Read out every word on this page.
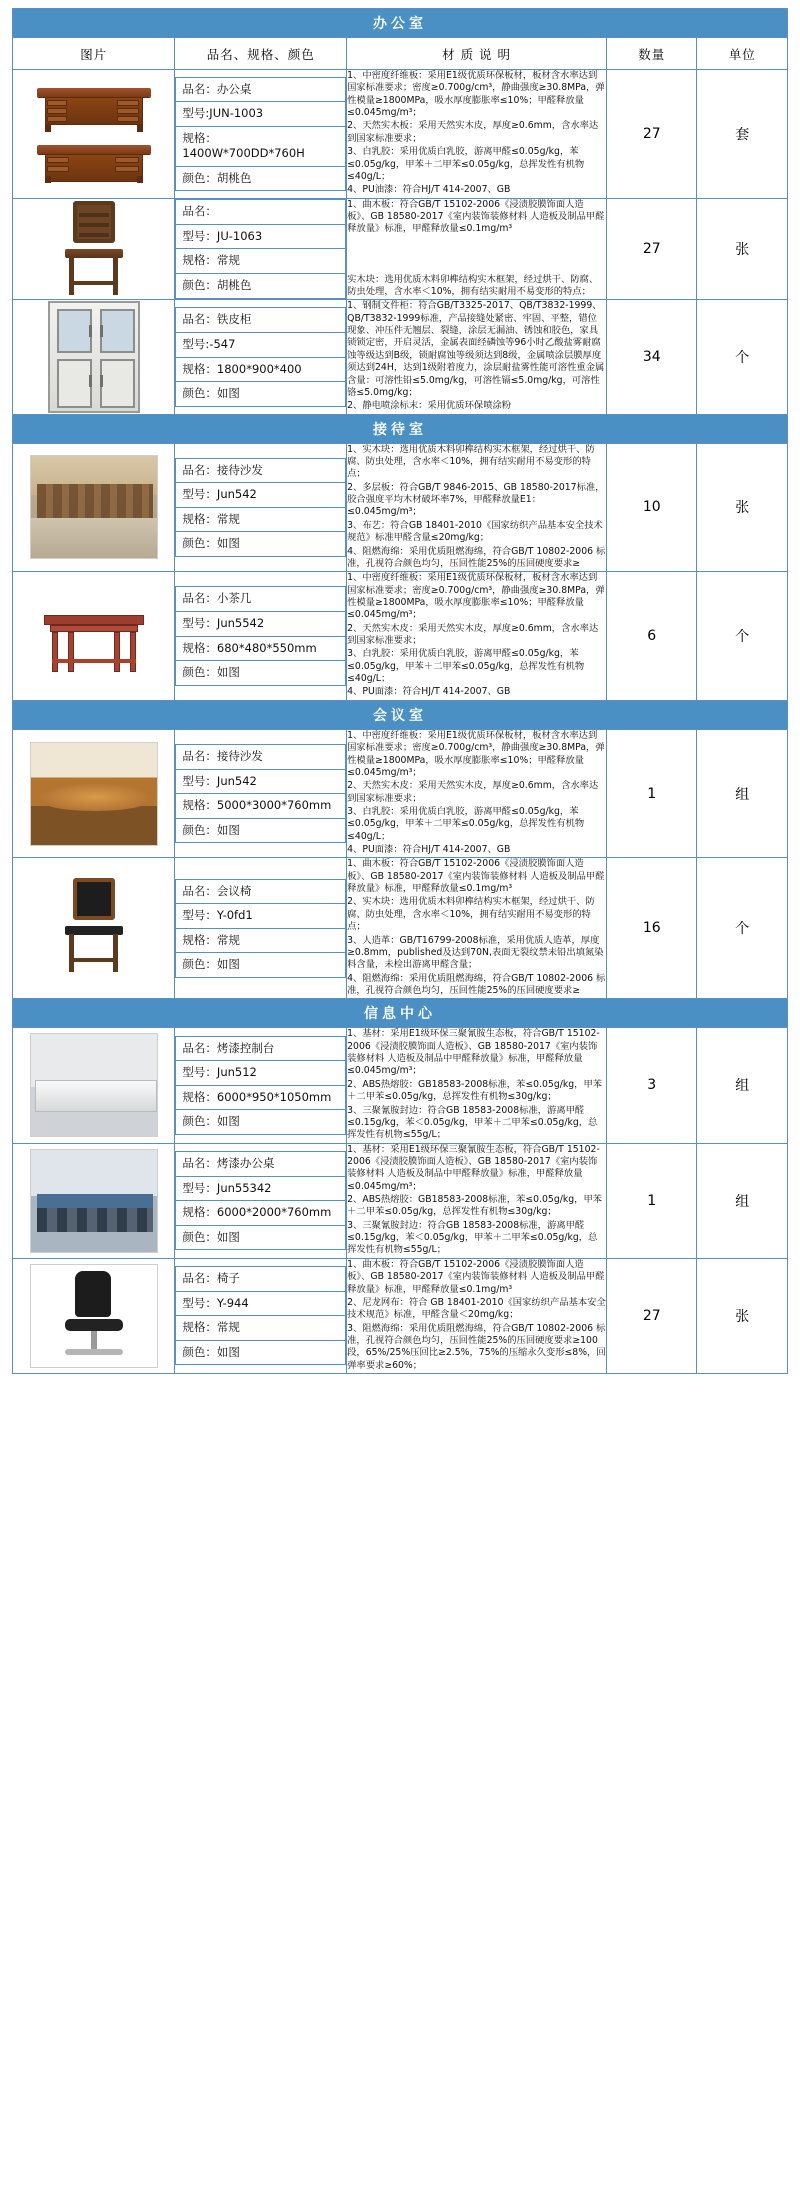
办公室
图片	品名、规格、颜色	材 质 说 明	数量	单位

品名：办公桌
型号:JUN-1003
规格：1400W*700DD*760H
颜色：胡桃色

1、中密度纤维板：采用E1级优质环保板材，板材含水率达到国家标准要求；密度≥0.700g/cm³，静曲强度≥30.8MPa，弹性模量≥1800MPa，吸水厚度膨胀率≤10%；甲醛释放量≤0.045mg/m³；

2、天然实木板：采用天然实木皮，厚度≥0.6mm，含水率达到国家标准要求；

3、白乳胶：采用优质白乳胶，游离甲醛≤0.05g/kg，苯≤0.05g/kg，甲苯＋二甲苯≤0.05g/kg，总挥发性有机物≤40g/L；

4、PU油漆：符合HJ/T 414-2007、GB

	27	套

品名：
型号：JU-1063
规格：常规
颜色：胡桃色

1、曲木板：符合GB/T 15102-2006《浸渍胶膜饰面人造板》、GB 18580-2017《室内装饰装修材料 人造板及制品甲醛释放量》标准，甲醛释放量≤0.1mg/m³

实木块：选用优质木料卯榫结构实木框架，经过烘干、防腐、防虫处理，含水率＜10%，拥有结实耐用不易变形的特点；

	27	张

品名：铁皮柜
型号:-547
规格：1800*900*400
颜色：如图

1、钢制文件柜：符合GB/T3325-2017、QB/T3832-1999、QB/T3832-1999标准，产品接缝处紧密、牢固、平整，错位现象、冲压件无翘层、裂缝，涂层无漏油、锈蚀和胶色，家具锁锁定密，开启灵活，金属表面经磷蚀等96小时乙酸盐雾耐腐蚀等级达到B级，锁耐腐蚀等级须达到8级，金属喷涂层膜厚度须达到24H，达到1级附着度力，涂层耐盐雾性能可溶性重金属含量：可溶性铅≤5.0mg/kg，可溶性镉≤5.0mg/kg，可溶性铬≤5.0mg/kg；

2、静电喷涂标末：采用优质环保喷涂粉

	34	个
接待室

品名：接待沙发
型号：Jun542
规格：常规
颜色：如图

1、实木块：选用优质木料卯榫结构实木框架，经过烘干、防腐、防虫处理，含水率＜10%，拥有结实耐用不易变形的特点；

2、多层板：符合GB/T 9846-2015、GB 18580-2017标准，胶合强度平均木材破坏率7%，甲醛释放量E1：≤0.045mg/m³；

3、布艺：符合GB 18401-2010《国家纺织产品基本安全技术规范》标准甲醛含量≤20mg/kg；

4、阻燃海绵：采用优质阻燃海绵，符合GB/T 10802-2006 标准，孔视符合颜色均匀，压回性能25%的压回硬度要求≥

	10	张

品名：小茶几
型号：Jun5542
规格：680*480*550mm
颜色：如图

1、中密度纤维板：采用E1级优质环保板材，板材含水率达到国家标准要求；密度≥0.700g/cm³，静曲强度≥30.8MPa，弹性模量≥1800MPa，吸水厚度膨胀率≤10%；甲醛释放量≤0.045mg/m³；

2、天然实木皮：采用天然实木皮，厚度≥0.6mm，含水率达到国家标准要求；

3、白乳胶：采用优质白乳胶，游离甲醛≤0.05g/kg，苯≤0.05g/kg，甲苯＋二甲苯≤0.05g/kg，总挥发性有机物≤40g/L；

4、PU面漆：符合HJ/T 414-2007、GB

	6	个
会议室

品名：接待沙发
型号：Jun542
规格：5000*3000*760mm
颜色：如图

1、中密度纤维板：采用E1级优质环保板材，板材含水率达到国家标准要求；密度≥0.700g/cm³，静曲强度≥30.8MPa，弹性模量≥1800MPa，吸水厚度膨胀率≤10%；甲醛释放量≤0.045mg/m³；

2、天然实木皮：采用天然实木皮，厚度≥0.6mm，含水率达到国家标准要求；

3、白乳胶：采用优质白乳胶，游离甲醛≤0.05g/kg，苯≤0.05g/kg，甲苯＋二甲苯≤0.05g/kg，总挥发性有机物≤40g/L；

4、PU面漆：符合HJ/T 414-2007、GB

	1	组

品名：会议椅
型号：Y-0fd1
规格：常规
颜色：如图

1、曲木板：符合GB/T 15102-2006《浸渍胶膜饰面人造板》、GB 18580-2017《室内装饰装修材料 人造板及制品甲醛释放量》标准，甲醛释放量≤0.1mg/m³

2、实木块：选用优质木料卯榫结构实木框架，经过烘干、防腐、防虫处理，含水率＜10%，拥有结实耐用不易变形的特点；

3、人造革：GB/T16799-2008标准，采用优质人造革，厚度≥0.8mm，published及达到70N,表面无裂纹禁未铅出填氮染料含量，未检出游离甲醛含量；

4、阻燃海绵：采用优质阻燃海绵，符合GB/T 10802-2006 标准，孔视符合颜色均匀，压回性能25%的压回硬度要求≥

	16	个
信息中心

品名：烤漆控制台
型号：Jun512
规格：6000*950*1050mm
颜色：如图

1、基材：采用E1级环保三聚氰胺生态板，符合GB/T 15102-2006《浸渍胶膜饰面人造板》、GB 18580-2017《室内装饰装修材料 人造板及制品中甲醛释放量》标准，甲醛释放量≤0.045mg/m³；

2、ABS热熔胶：GB18583-2008标准，苯≤0.05g/kg，甲苯＋二甲苯≤0.05g/kg，总挥发性有机物≤30g/kg；

3、三聚氰胺封边：符合GB 18583-2008标准，游离甲醛≤0.15g/kg，苯＜0.05g/kg，甲苯＋二甲苯≤0.05g/kg，总挥发性有机物≤55g/L；

	3	组

品名：烤漆办公桌
型号：Jun55342
规格：6000*2000*760mm
颜色：如图

1、基材：采用E1级环保三聚氰胺生态板，符合GB/T 15102-2006《浸渍胶膜饰面人造板》、GB 18580-2017《室内装饰装修材料 人造板及制品中甲醛释放量》标准，甲醛释放量≤0.045mg/m³；

2、ABS热熔胶：GB18583-2008标准，苯≤0.05g/kg，甲苯＋二甲苯≤0.05g/kg，总挥发性有机物≤30g/kg；

3、三聚氰胺封边：符合GB 18583-2008标准，游离甲醛≤0.15g/kg，苯＜0.05g/kg，甲苯＋二甲苯≤0.05g/kg，总挥发性有机物≤55g/L；

	1	组

品名：椅子
型号：Y-944
规格：常规
颜色：如图

1、曲木板：符合GB/T 15102-2006《浸渍胶膜饰面人造板》、GB 18580-2017《室内装饰装修材料 人造板及制品甲醛释放量》标准，甲醛释放量≤0.1mg/m³

2、尼龙网布：符合 GB 18401-2010《国家纺织产品基本安全技术规范》标准，甲醛含量＜20mg/kg；

3、阻燃海绵：采用优质阻燃海绵，符合GB/T 10802-2006 标准，孔视符合颜色均匀，压回性能25%的压回硬度要求≥100段，65%/25%压回比≥2.5%，75%的压缩永久变形≤8%，回弹率要求≥60%；

	27	张
